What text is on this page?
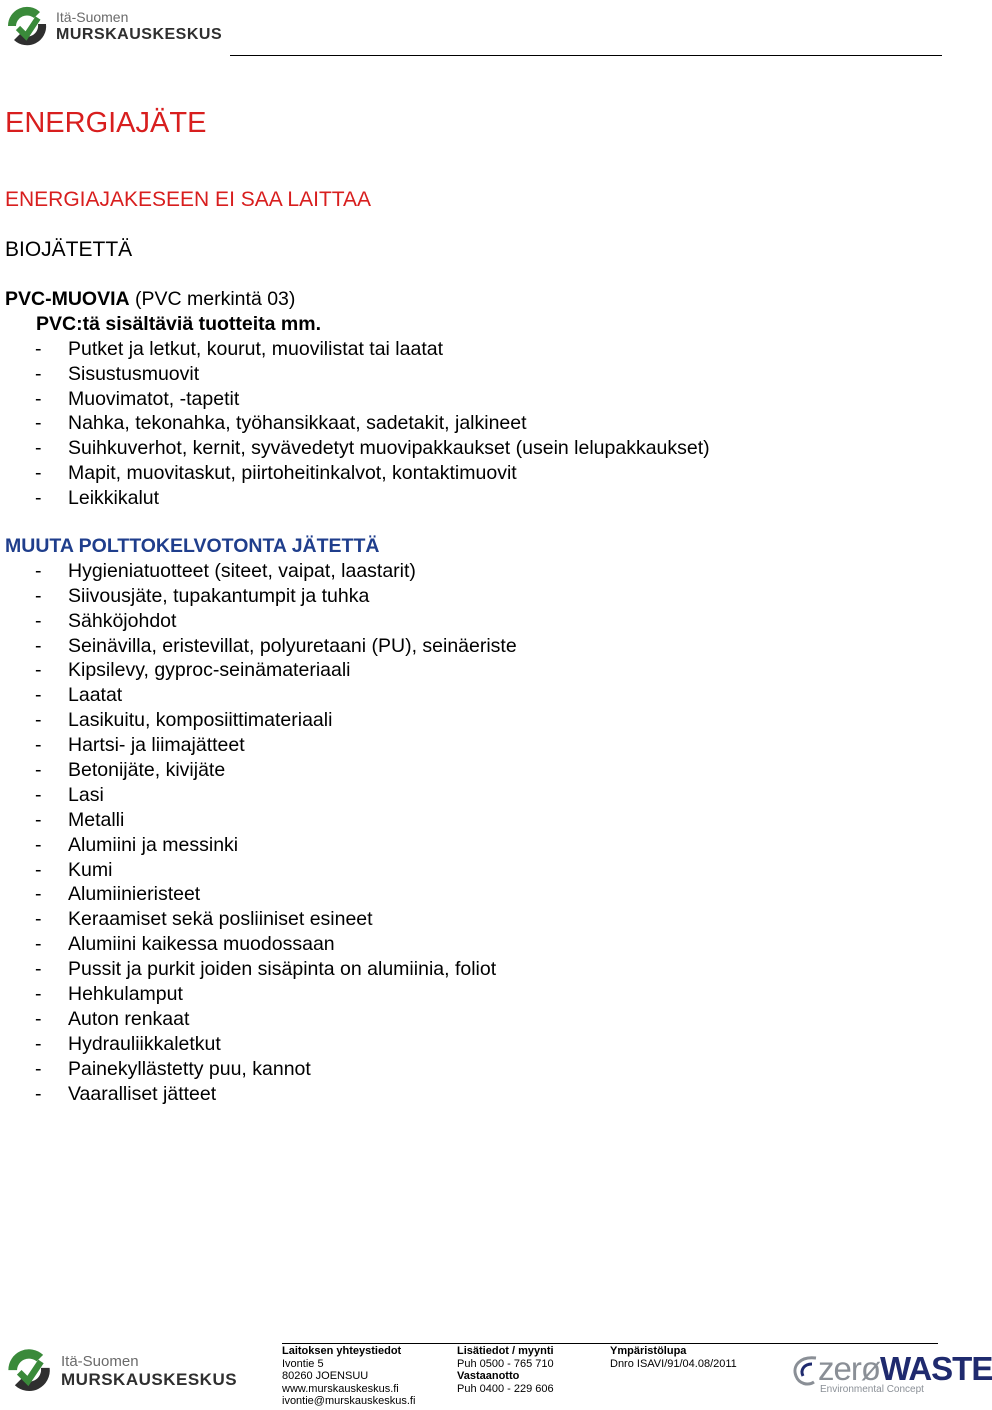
Itä-Suomen
MURSKAUSKESKUS
ENERGIAJÄTE
ENERGIAJAKESEEN EI SAA LAITTAA
BIOJÄTETTÄ
PVC-MUOVIA (PVC merkintä 03)
PVC:tä sisältäviä tuotteita mm.
- Putket ja letkut, kourut, muovilistat tai laatat
- Sisustusmuovit
- Muovimatot, -tapetit
- Nahka, tekonahka, työhansikkaat, sadetakit, jalkineet
- Suihkuverhot, kernit, syvävedetyt muovipakkaukset (usein lelupakkaukset)
- Mapit, muovitaskut, piirtoheitinkalvot, kontaktimuovit
- Leikkikalut
MUUTA POLTTOKELVOTONTA JÄTETTÄ
- Hygieniatuotteet (siteet, vaipat, laastarit)
- Siivousjäte, tupakantumpit ja tuhka
- Sähköjohdot
- Seinävilla, eristevillat, polyuretaani (PU), seinäeriste
- Kipsilevy, gyproc-seinämateriaali
- Laatat
- Lasikuitu, komposiittimateriaali
- Hartsi- ja liimajätteet
- Betonijäte, kivijäte
- Lasi
- Metalli
- Alumiini ja messinki
- Kumi
- Alumiinieristeet
- Keraamiset sekä posliiniset esineet
- Alumiini kaikessa muodossaan
- Pussit ja purkit joiden sisäpinta on alumiinia, foliot
- Hehkulamput
- Auton renkaat
- Hydrauliikkaletkut
- Painekyllästetty puu, kannot
- Vaaralliset jätteet
Itä-Suomen
MURSKAUSKESKUS
Laitoksen yhteystiedot
Ivontie 5
80260 JOENSUU
www.murskauskeskus.fi
ivontie@murskauskeskus.fi
Lisätiedot / myynti
Puh 0500 - 765 710
Vastaanotto
Puh 0400 - 229 606
Ympäristölupa
Dnro ISAVI/91/04.08/2011 zerøWASTE
Environmental Concept
